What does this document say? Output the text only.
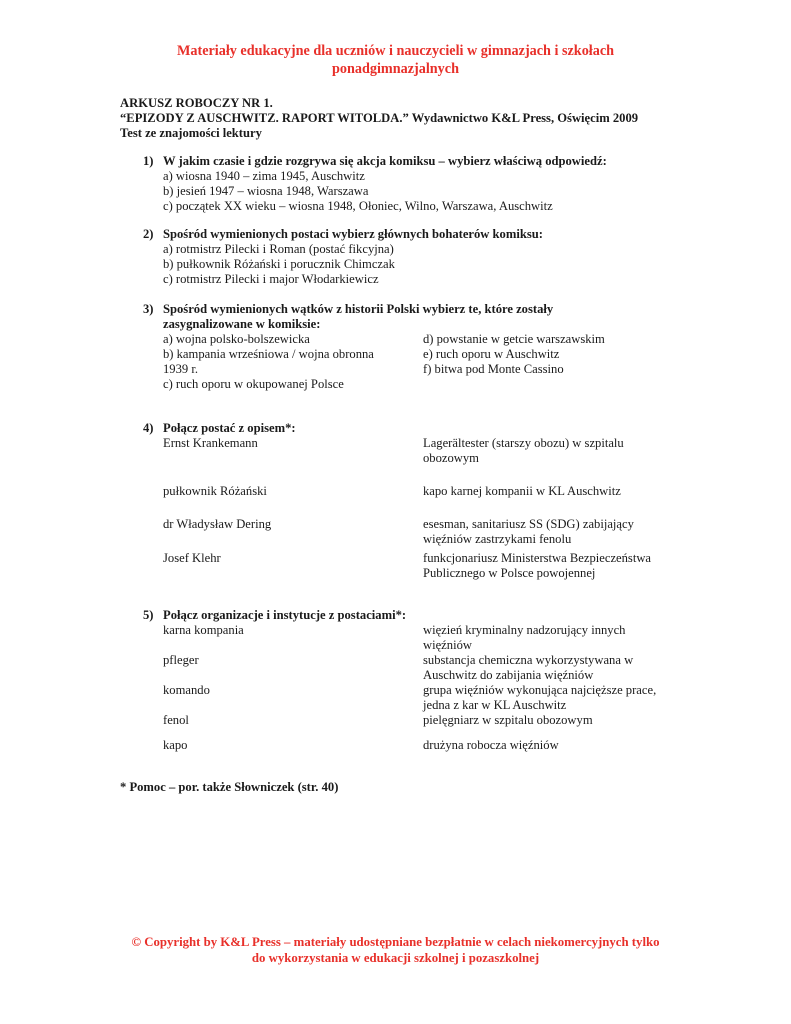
Materiały edukacyjne dla uczniów i nauczycieli w gimnazjach i szkołach
ponadgimnazjalnych
ARKUSZ ROBOCZY NR 1.
“EPIZODY Z AUSCHWITZ. RAPORT WITOLDA.” Wydawnictwo K&L Press, Oświęcim 2009
Test ze znajomości lektury
1) W jakim czasie i gdzie rozgrywa się akcja komiksu – wybierz właściwą odpowiedź:
a) wiosna 1940 – zima 1945, Auschwitz
b) jesień 1947 – wiosna 1948, Warszawa
c) początek XX wieku – wiosna 1948, Ołoniec, Wilno, Warszawa, Auschwitz
2) Spośród wymienionych postaci wybierz głównych bohaterów komiksu:
a) rotmistrz Pilecki i Roman (postać fikcyjna)
b) pułkownik Różański i porucznik Chimczak
c) rotmistrz Pilecki i major Włodarkiewicz
3) Spośród wymienionych wątków z historii Polski wybierz te, które zostały
zasygnalizowane w komiksie:
a) wojna polsko-bolszewicka
b) kampania wrześniowa / wojna obronna
1939 r.
c) ruch oporu w okupowanej Polsce
d) powstanie w getcie warszawskim
e) ruch oporu w Auschwitz
f) bitwa pod Monte Cassino
4) Połącz postać z opisem*:
Ernst Krankemann	Lagerältester (starszy obozu) w szpitalu
obozowym
pułkownik Różański	kapo karnej kompanii w KL Auschwitz
dr Władysław Dering	esesman, sanitariusz SS (SDG) zabijający
więźniów zastrzykami fenolu
Josef Klehr	funkcjonariusz Ministerstwa Bezpieczeństwa
Publicznego w Polsce powojennej
5) Połącz organizacje i instytucje z postaciami*:
karna kompania	więzień kryminalny nadzorujący innych
więźniów
pfleger	substancja chemiczna wykorzystywana w
Auschwitz do zabijania więźniów
komando	grupa więźniów wykonująca najcięższe prace,
jedna z kar w KL Auschwitz
fenol	pielęgniarz w szpitalu obozowym
kapo	drużyna robocza więźniów
* Pomoc – por. także Słowniczek (str. 40)
© Copyright by K&L Press – materiały udostępniane bezpłatnie w celach niekomercyjnych tylko
do wykorzystania w edukacji szkolnej i pozaszkolnej
